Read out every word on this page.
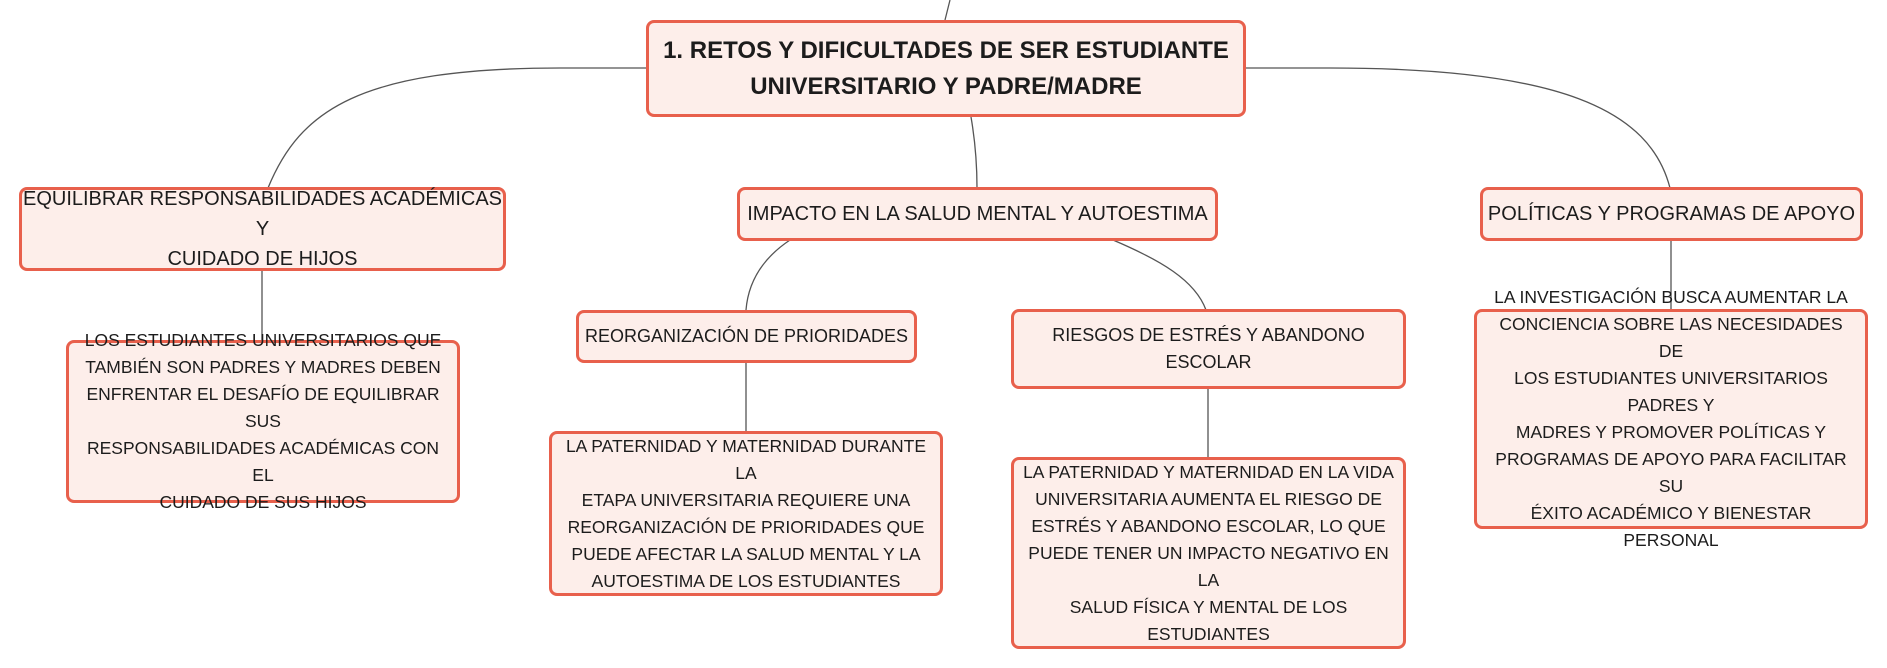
1. RETOS Y DIFICULTADES DE SER ESTUDIANTE
UNIVERSITARIO Y PADRE/MADRE
EQUILIBRAR RESPONSABILIDADES ACADÉMICAS Y
CUIDADO DE HIJOS
LOS ESTUDIANTES UNIVERSITARIOS QUE
TAMBIÉN SON PADRES Y MADRES DEBEN
ENFRENTAR EL DESAFÍO DE EQUILIBRAR SUS
RESPONSABILIDADES ACADÉMICAS CON EL
CUIDADO DE SUS HIJOS
IMPACTO EN LA SALUD MENTAL Y AUTOESTIMA
REORGANIZACIÓN DE PRIORIDADES
LA PATERNIDAD Y MATERNIDAD DURANTE LA
ETAPA UNIVERSITARIA REQUIERE UNA
REORGANIZACIÓN DE PRIORIDADES QUE
PUEDE AFECTAR LA SALUD MENTAL Y LA
AUTOESTIMA DE LOS ESTUDIANTES
RIESGOS DE ESTRÉS Y ABANDONO ESCOLAR
LA PATERNIDAD Y MATERNIDAD EN LA VIDA
UNIVERSITARIA AUMENTA EL RIESGO DE
ESTRÉS Y ABANDONO ESCOLAR, LO QUE
PUEDE TENER UN IMPACTO NEGATIVO EN LA
SALUD FÍSICA Y MENTAL DE LOS
ESTUDIANTES
POLÍTICAS Y PROGRAMAS DE APOYO
LA INVESTIGACIÓN BUSCA AUMENTAR LA
CONCIENCIA SOBRE LAS NECESIDADES DE
LOS ESTUDIANTES UNIVERSITARIOS PADRES Y
MADRES Y PROMOVER POLÍTICAS Y
PROGRAMAS DE APOYO PARA FACILITAR SU
ÉXITO ACADÉMICO Y BIENESTAR PERSONAL
